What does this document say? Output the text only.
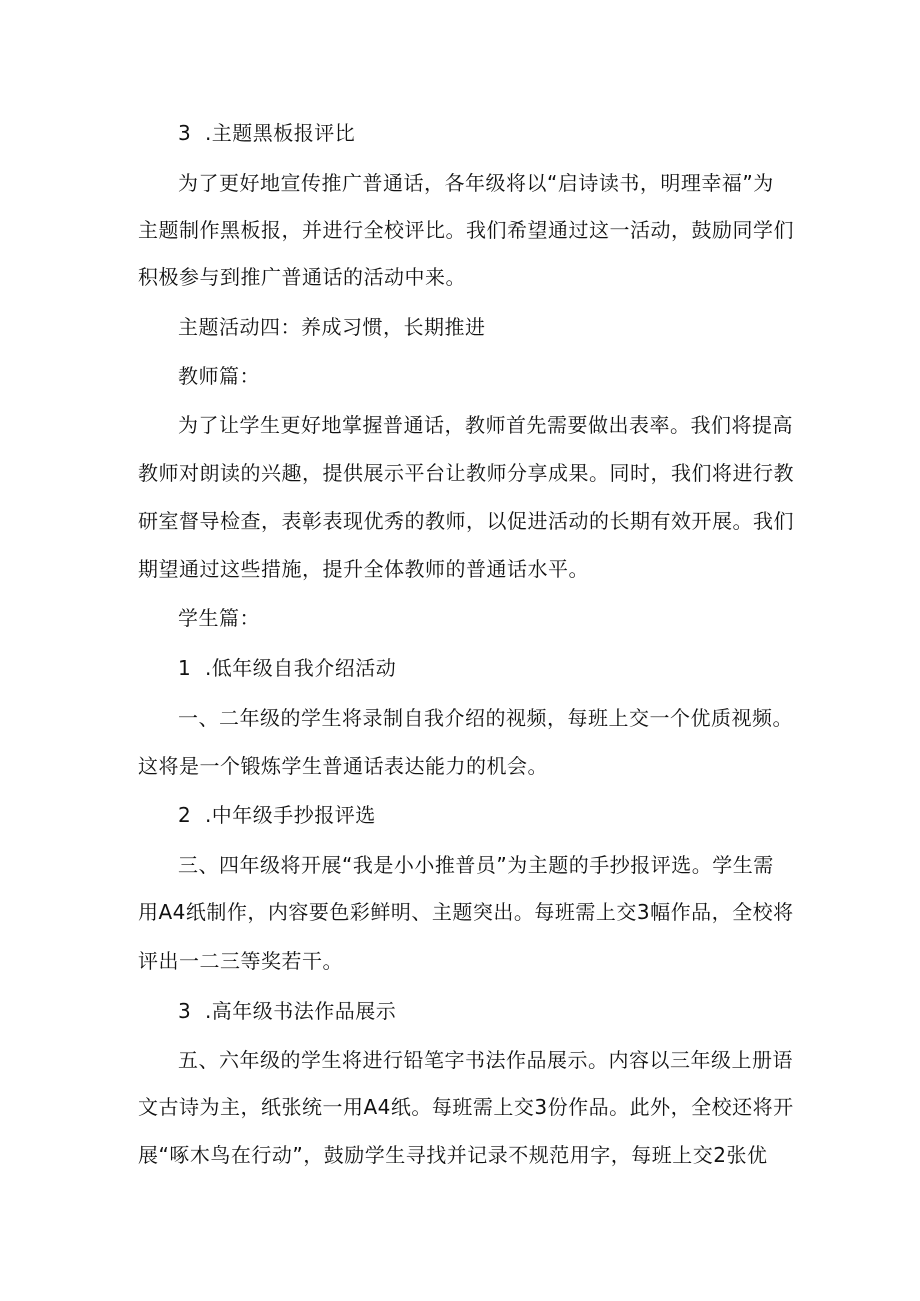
3  .主题黑板报评比
为了更好地宣传推广普通话，各年级将以“启诗读书，明理幸福”为
主题制作黑板报，并进行全校评比。我们希望通过这一活动，鼓励同学们
积极参与到推广普通话的活动中来。
主题活动四：养成习惯，长期推进
教师篇：
为了让学生更好地掌握普通话，教师首先需要做出表率。我们将提高
教师对朗读的兴趣，提供展示平台让教师分享成果。同时，我们将进行教
研室督导检查，表彰表现优秀的教师，以促进活动的长期有效开展。我们
期望通过这些措施，提升全体教师的普通话水平。
学生篇：
1  .低年级自我介绍活动
一、二年级的学生将录制自我介绍的视频，每班上交一个优质视频。
这将是一个锻炼学生普通话表达能力的机会。
2  .中年级手抄报评选
三、四年级将开展“我是小小推普员”为主题的手抄报评选。学生需
用A4纸制作，内容要色彩鲜明、主题突出。每班需上交3幅作品，全校将
评出一二三等奖若干。
3  .高年级书法作品展示
五、六年级的学生将进行铅笔字书法作品展示。内容以三年级上册语
文古诗为主，纸张统一用A4纸。每班需上交3份作品。此外，全校还将开
展“啄木鸟在行动”，鼓励学生寻找并记录不规范用字，每班上交2张优
